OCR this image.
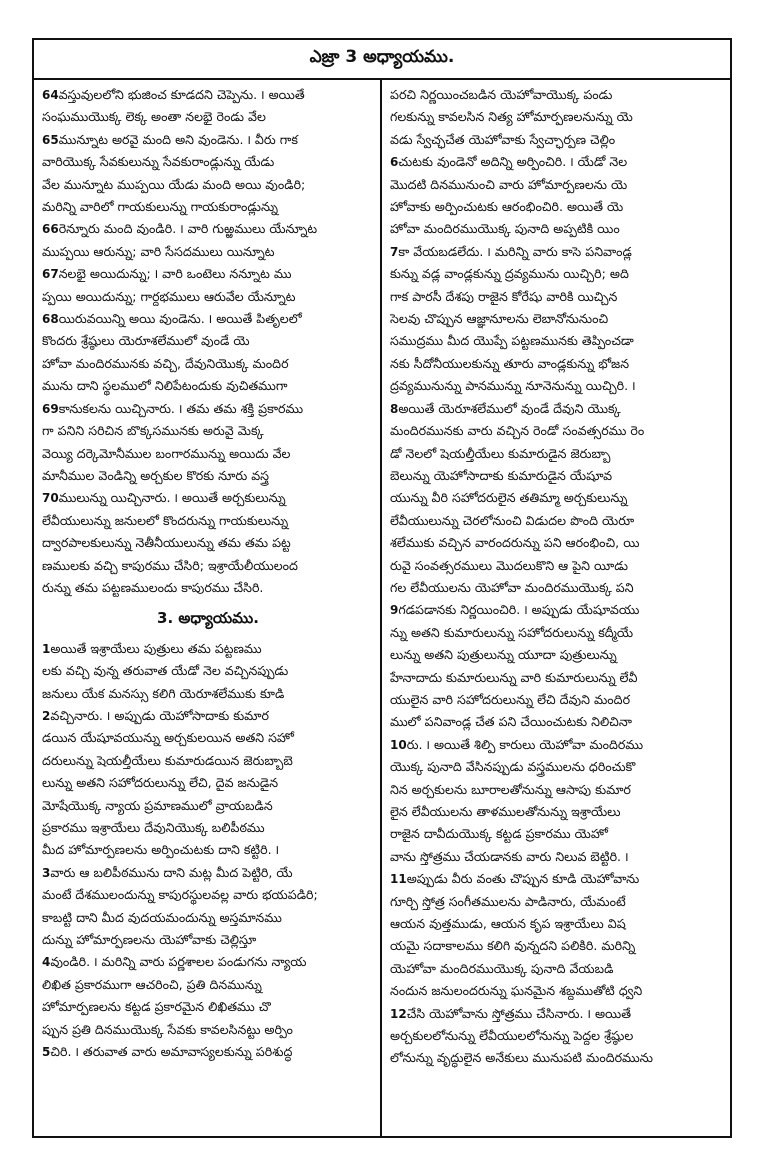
ఎజ్రా 3 అధ్యాయము.
64వస్తువులలోని భుజించ కూడదని చెప్పెను. ౹ అయితే
సంఘముయొక్క లెక్క అంతా నలభై రెండు వేల
65మున్నూట అరవై మంది అని వుండెను. ౹ వీరు గాక
వారియొక్క సేవకులున్ను సేవకురాండ్లున్ను యేడు
వేల మున్నూట ముప్పయి యేడు మంది అయి వుండిరి;
మరిన్ని వారిలో గాయకులున్ను గాయకురాండ్లున్ను
66రెన్నూరు మంది వుండిరి. ౹ వారి గుఱ్ఱములు యేన్నూట
ముప్పయి ఆరున్ను; వారి సేసదములు యిన్నూట
67నలభై అయిదున్ను; ౹ వారి ఒంటెలు నన్నూట ము
ప్పయి అయిదున్ను; గార్దభములు ఆరువేల యేన్నూట
68యిరువయిన్ని అయి వుండెను. ౹ అయితే పితృలలో
కొందరు శ్రేష్ఠులు యెరూశలేములో వుండే యె
హోవా మందిరమునకు వచ్చి, దేవునియొక్క మందిర
మును దాని స్థలములో నిలిపేటందుకు వుచితముగా
69కానుకలను యిచ్చినారు. ౹ తమ తమ శక్తి ప్రకారము
గా పనిని సరిచిన బొక్కసమునకు అరువై వెుక్క
వెయ్యి దర్కెమోనీముల బంగారమున్ను అయిదు వేల
మానీముల వెండిన్ని అర్చకుల కొరకు నూరు వస్త్ర
70ములున్ను యిచ్చినారు. ౹ అయితే అర్చకులున్ను
లేవీయులున్ను జనులలో కొందరున్ను గాయకులున్ను
ద్వారపాలకులున్ను నెతీనీయులున్ను తమ తమ పట్ట
ణములకు వచ్చి కాపురము చేసిరి; ఇశ్రాయేలీయులంద
రున్ను తమ పట్టణములందు కాపురము చేసిరి.
3. అధ్యాయము.
1అయితే ఇశ్రాయేలు పుత్రులు తమ పట్టణము
లకు వచ్చి వున్న తరువాత యేడో నెల వచ్చినప్పుడు
జనులు యేక మనస్సు కలిగి యెరూశలేముకు కూడి
2వచ్చినారు. ౹ అప్పుడు యెహోసాదాకు కుమార
డయిన యేషూవయున్ను అర్చకులయిన అతని సహో
దరులున్ను షెయల్తీయేలు కుమారుడయిన జెరుబ్బాబె
లున్ను అతని సహోదరులున్ను లేచి, దైవ జనుడైన
మోషేయొక్క న్యాయ ప్రమాణములో వ్రాయబడిన
ప్రకారము ఇశ్రాయేలు దేవునియొక్క బలిపీఠము
మీద హోమార్పణలను అర్పించుటకు దాని కట్టిరి. ౹
3వారు ఆ బలిపీఠమును దాని మట్ల మీద పెట్టిరి, యే
మంటే దేశములందున్ను కాపురస్థులవల్ల వారు భయపడిరి;
కాబట్టి దాని మీద వుదయమందున్ను అస్తమానము
దున్ను హోమార్పణలను యెహోవాకు చెల్లిస్తూ
4వుండిరి. ౹ మరిన్ని వారు పర్ణశాలల పండుగను న్యాయ
లిఖిత ప్రకారముగా ఆచరించి, ప్రతి దినమున్ను
హోమార్పణలను కట్టడ ప్రకారమైన లిఖితము చొ
ప్పున ప్రతి దినముయొక్క సేవకు కావలసినట్టు అర్పిం
5చిరి. ౹ తరువాత వారు అమావాస్యలకున్ను పరిశుద్ధ
పరచి నిర్ణయించబడిన యెహోవాయొక్క పండు
గలకున్ను కావలసిన నిత్య హోమార్పణలనున్ను యె
వడు స్వేచ్ఛచేత యెహోవాకు స్వేచ్ఛార్పణ చెల్లిం
6చుటకు వుండెనో అదిన్ని అర్పించిరి. ౹ యేడో నెల
మొదటి దినమునుంచి వారు హోమార్పణలను యె
హోవాకు అర్పించుటకు ఆరంభించిరి. అయితే యె
హోవా మందిరముయొక్క పునాది అప్పటికి యిం
7కా వేయబడలేదు. ౹ మరిన్ని వారు కాసె పనివాండ్ల
కున్ను వడ్ల వాండ్లకున్ను ద్రవ్యమును యిచ్చిరి; అది
గాక పారసీ దేశపు రాజైన కోరేషు వారికి యిచ్చిన
సెలవు చొప్పున ఆజ్ఞానూలను లెబానోనునుంచి
సముద్రము మీద యొప్పే పట్టణమునకు తెప్పించడా
నకు సీదోనీయులకున్ను తూరు వాండ్లకున్ను భోజన
ద్రవ్యమునున్ను పానమున్ను నూనెనున్ను యిచ్చిరి. ౹
8అయితే యెరూశలేములో వుండే దేవుని యొక్క
మందిరమునకు వారు వచ్చిన రెండో సంవత్సరము రెం
డో నెలలో షెయల్తీయేలు కుమారుడైన జెరుబ్బా
బెలున్ను యెహోసాదాకు కుమారుడైన యేషూవ
యున్ను వీరి సహోదరులైన తతిమ్మా అర్చకులున్ను
లేవీయులున్ను చెరలోనుంచి విడుదల పొంది యెరూ
శలేముకు వచ్చిన వారందరున్ను పని ఆరంభించి, యి
రువై సంవత్సరములు మొదలుకొని ఆ పైని యీడు
గల లేవీయులను యెహోవా మందిరముయొక్క పని
9గడపడానకు నిర్ణయించిరి. ౹ అప్పుడు యేషూవయు
న్ను అతని కుమారులున్ను సహోదరులున్ను కద్మీయే
లున్ను అతని పుత్రులున్ను యూదా పుత్రులున్ను
హేనాదాదు కుమారులున్ను వారి కుమారులున్ను లేవీ
యులైన వారి సహోదరులున్ను లేచి దేవుని మందిర
ములో పనివాండ్ల చేత పని చేయించుటకు నిలిచినా
10రు. ౹ అయితే శిల్పి కారులు యెహోవా మందిరము
యొక్క పునాది వేసినప్పుడు వస్త్రములను ధరించుకొ
నిన అర్చకులను బూరాలతోనున్ను ఆసాపు కుమార
లైన లేవీయులను తాళములతోనున్ను ఇశ్రాయేలు
రాజైన దావీదుయొక్క కట్టడ ప్రకారము యెహో
వాను స్తోత్రము చేయడానకు వారు నిలువ బెట్టిరి. ౹
11అప్పుడు వీరు వంతు చొప్పున కూడి యెహోవాను
గూర్చి స్తోత్ర సంగీతములను పాడినారు, యేమంటే
ఆయన వుత్తముడు, ఆయన కృప ఇశ్రాయేలు విష
యమై సదాకాలము కలిగి వున్నదని పలికిరి. మరిన్ని
యెహోవా మందిరముయొక్క పునాది వేయబడి
నందున జనులందరున్ను ఘనమైన శబ్దముతోటి ధ్వని
12చేసి యెహోవాను స్తోత్రము చేసినారు. ౹ అయితే
అర్చకులలోనున్ను లేవీయులలోనున్ను పెద్దల శ్రేష్ఠుల
లోనున్ను వృద్ధులైన అనేకులు మునుపటి మందిరమును
